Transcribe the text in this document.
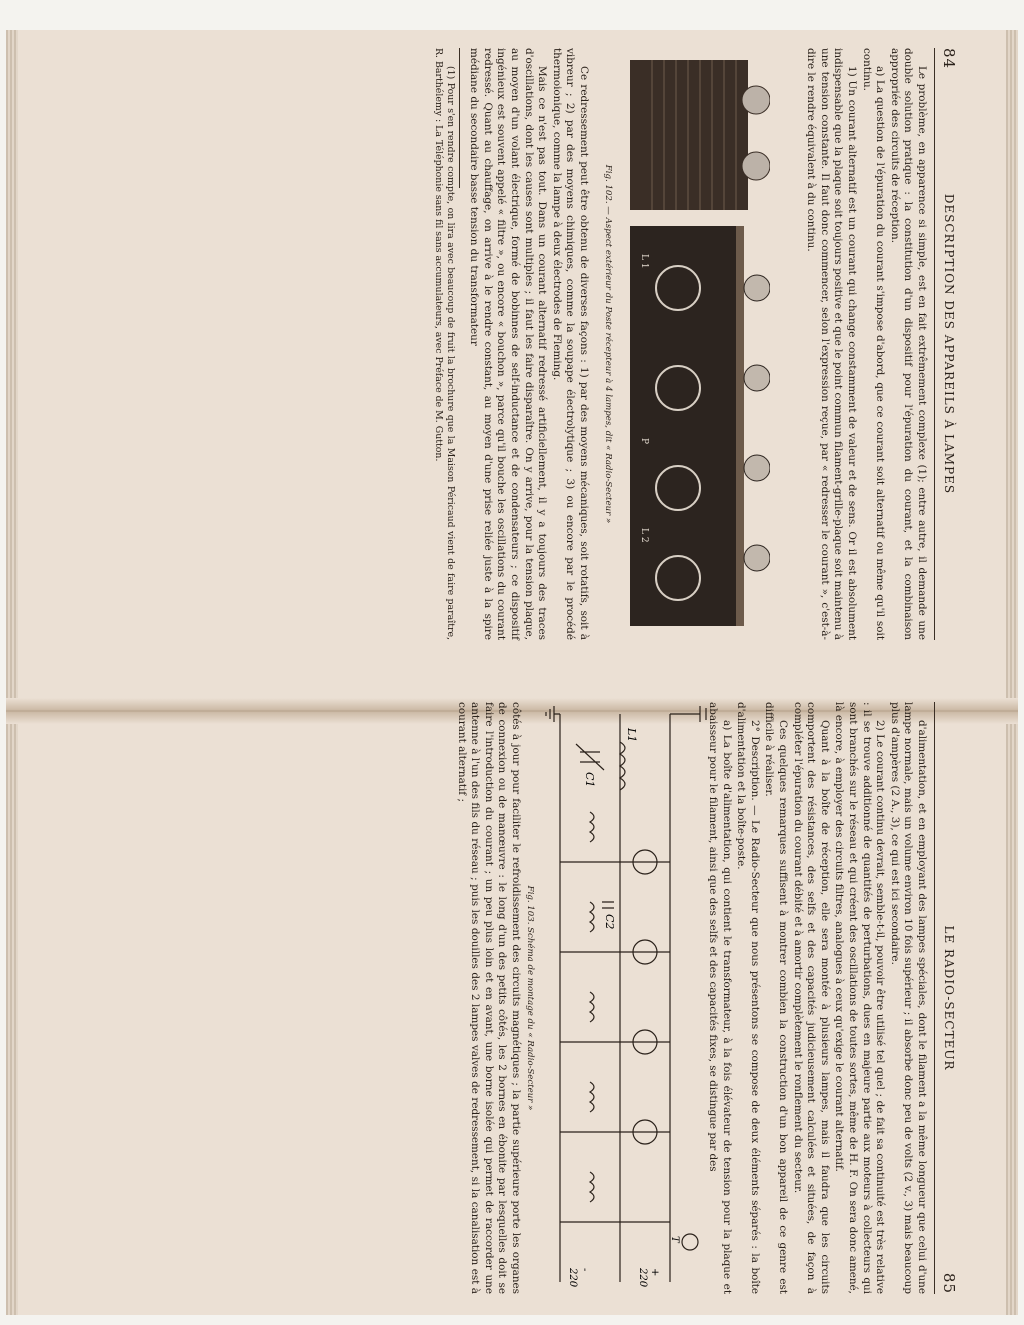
84
DESCRIPTION DES APPAREILS À LAMPES

Le problème, en apparence si simple, est en fait extrêmement complexe (1); entre autre, il demande une double solution pratique : la constitution d'un dispositif pour l'épuration du courant, et la combinaison appropriée des circuits de réception.

a) La question de l'épuration du courant s'impose d'abord, que ce courant soit alternatif ou même qu'il soit continu.

1) Un courant alternatif est un courant qui change constamment de valeur et de sens. Or il est absolument indispensable que la plaque soit toujours positive et que le point commun filament-grille-plaque soit maintenu à une tension constante. Il faut donc commencer, selon l'expression reçue, par « redresser le courant », c'est-à-dire le rendre équivalent à du continu.

L 1
P
L 2
Fig. 102. — Aspect extérieur du Poste récepteur à 4 lampes, dit « Radio-Secteur »

Ce redressement peut être obtenu de diverses façons : 1) par des moyens mécaniques, soit rotatifs, soit à vibreur ; 2) par des moyens chimiques, comme la soupape électrolytique ; 3) ou encore par le procédé thermoionique, comme la lampe à deux électrodes de Fleming.

Mais ce n'est pas tout. Dans un courant alternatif redressé artificiellement, il y a toujours des traces d'oscillations, dont les causes sont multiples ; il faut les faire disparaître. On y arrive, pour la tension plaque, au moyen d'un volant électrique, formé de bobinnes de self-inductance et de condensateurs ; ce dispositif ingénieux est souvent appelé « filtre », ou encore « bouchon », parce qu'il bouche les oscillations du courant redressé. Quant au chauffage, on arrive à le rendre constant, au moyen d'une prise reliée juste à la spire médiane du secondaire basse tension du transformateur

(1) Pour s'en rendre compte, on lira avec beaucoup de fruit la brochure que la Maison Péricaud vient de faire paraître, R. Barthélemy : La Téléphonie sans fil sans accumulateurs, avec Préface de M. Gutton.

LE RADIO-SECTEUR
85

d'alimentation, et en employant des lampes spéciales, dont le filament a la même longueur que celui d'une lampe normale, mais un volume environ 10 fois supérieur ; il absorbe donc peu de volts (2 v., 3) mais beaucoup plus d'ampères (2 A., 3), ce qui est ici secondaire.

2) Le courant continu devrait, semble-t-il, pouvoir être utilisé tel quel ; de fait sa continuité est très relative : il se trouve additionné de quantités de perturbations, dues en majeure partie aux moteurs à collecteurs qui sont branchés sur le réseau et qui créent des oscillations de toutes sortes, même de H. F. On sera donc amené, là encore, à employer des circuits filtres, analogues à ceux qu'exige le courant alternatif.

Quant à la boîte de réception, elle sera montée à plusieurs lampes, mais il faudra que les circuits comportent des résistances, des selfs et des capacités judicieusement calculées et situées, de façon à compléter l'épuration du courant débité et à amortir complètement le ronflement du secteur.

Ces quelques remarques suffisent à montrer combien la construction d'un bon appareil de ce genre est difficile à réaliser.

2° Description. — Le Radio-Secteur que nous présentons se compose de deux éléments séparés : la boîte d'alimentation et la boîte-poste.

a) La boîte d'alimentation, qui contient le transformateur, à la fois élévateur de tension pour la plaque et abaisseur pour le filament, ainsi que des selfs et des capacités fixes, se distingue par des

L1
C1
C2
T
+
220
-
220
Fig. 103. Schéma de montage du « Radio-Secteur »

côtés à jour pour faciliter le refroidissement des circuits magnétiques ; la partie supérieure porte les organes de connexion ou de manœuvre : le long d'un des petits côtés, les 2 bornes en ébonite par lesquelles doit se faire l'introduction du courant ; un peu plus loin et en avant, une borne isolée qui permet de raccorder une antenne à l'un des fils du réseau ; puis les douilles des 2 lampes valves de redressement, si la canalisation est à courant alternatif ;
